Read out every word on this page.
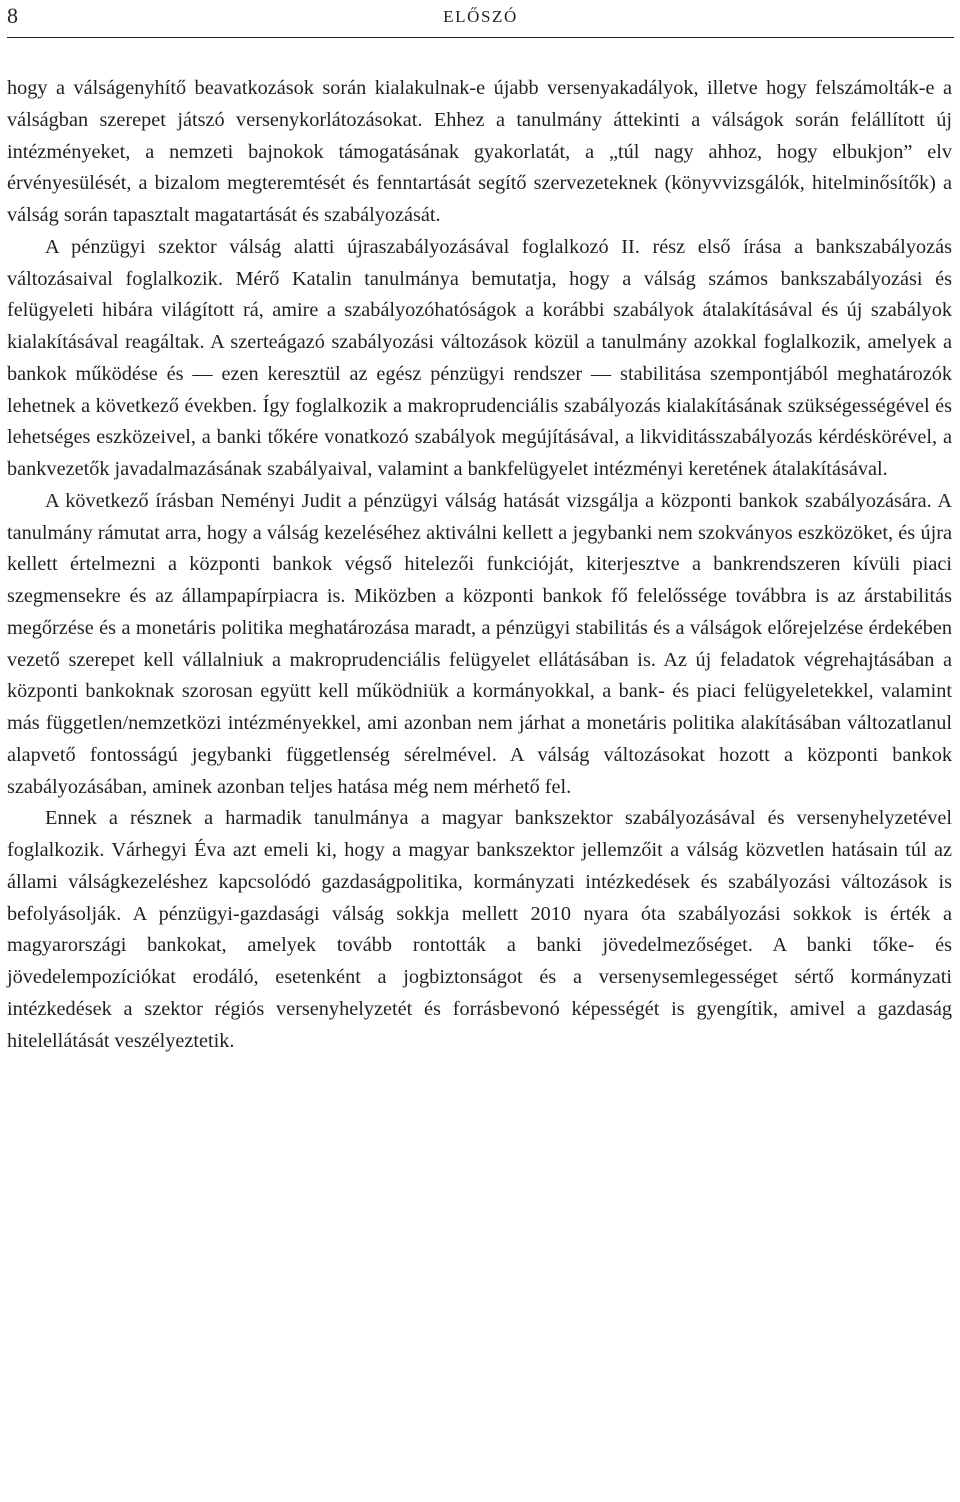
8	ELŐSZÓ

hogy a válságenyhítő beavatkozások során kialakulnak-e újabb versenyakadályok, illetve hogy felszámolták-e a válságban szerepet játszó versenykorlátozásokat. Ehhez a tanulmány áttekinti a válságok során felállított új intézményeket, a nemzeti bajnokok támogatásának gyakorlatát, a „túl nagy ahhoz, hogy elbukjon” elv érvényesülését, a bizalom megteremtését és fenntartását segítő szervezeteknek (könyvvizsgálók, hitelminősítők) a válság során tapasztalt magatartását és szabályozását.

A pénzügyi szektor válság alatti újraszabályozásával foglalkozó II. rész első írása a bankszabályozás változásaival foglalkozik. Mérő Katalin tanulmánya bemutatja, hogy a válság számos bankszabályozási és felügyeleti hibára világított rá, amire a szabályozóhatóságok a korábbi szabályok átalakításával és új szabályok kialakításával reagáltak. A szerteágazó szabályozási változások közül a tanulmány azokkal foglalkozik, amelyek a bankok működése és — ezen keresztül az egész pénzügyi rendszer — stabilitása szempontjából meghatározók lehetnek a következő években. Így foglalkozik a makroprudenciális szabályozás kialakításának szükségességével és lehetséges eszközeivel, a banki tőkére vonatkozó szabályok megújításával, a likviditásszabályozás kérdéskörével, a bankvezetők javadalmazásának szabályaival, valamint a bankfelügyelet intézményi keretének átalakításával.

A következő írásban Neményi Judit a pénzügyi válság hatását vizsgálja a központi bankok szabályozására. A tanulmány rámutat arra, hogy a válság kezeléséhez aktiválni kellett a jegybanki nem szokványos eszközöket, és újra kellett értelmezni a központi bankok végső hitelezői funkcióját, kiterjesztve a bankrendszeren kívüli piaci szegmensekre és az állampapírpiacra is. Miközben a központi bankok fő felelőssége továbbra is az árstabilitás megőrzése és a monetáris politika meghatározása maradt, a pénzügyi stabilitás és a válságok előrejelzése érdekében vezető szerepet kell vállalniuk a makroprudenciális felügyelet ellátásában is. Az új feladatok végrehajtásában a központi bankoknak szorosan együtt kell működniük a kormányokkal, a bank- és piaci felügyeletekkel, valamint más független/nemzetközi intézményekkel, ami azonban nem járhat a monetáris politika alakításában változatlanul alapvető fontosságú jegybanki függetlenség sérelmével. A válság változásokat hozott a központi bankok szabályozásában, aminek azonban teljes hatása még nem mérhető fel.

Ennek a résznek a harmadik tanulmánya a magyar bankszektor szabályozásával és versenyhelyzetével foglalkozik. Várhegyi Éva azt emeli ki, hogy a magyar bankszektor jellemzőit a válság közvetlen hatásain túl az állami válságkezeléshez kapcsolódó gazdaságpolitika, kormányzati intézkedések és szabályozási változások is befolyásolják. A pénzügyi-gazdasági válság sokkja mellett 2010 nyara óta szabályozási sokkok is érték a magyarországi bankokat, amelyek tovább rontották a banki jövedelmezőséget. A banki tőke- és jövedelempozíciókat erodáló, esetenként a jogbiztonságot és a versenysemlegességet sértő kormányzati intézkedések a szektor régiós versenyhelyzetét és forrásbevonó képességét is gyengítik, amivel a gazdaság hitelellátását veszélyeztetik.
